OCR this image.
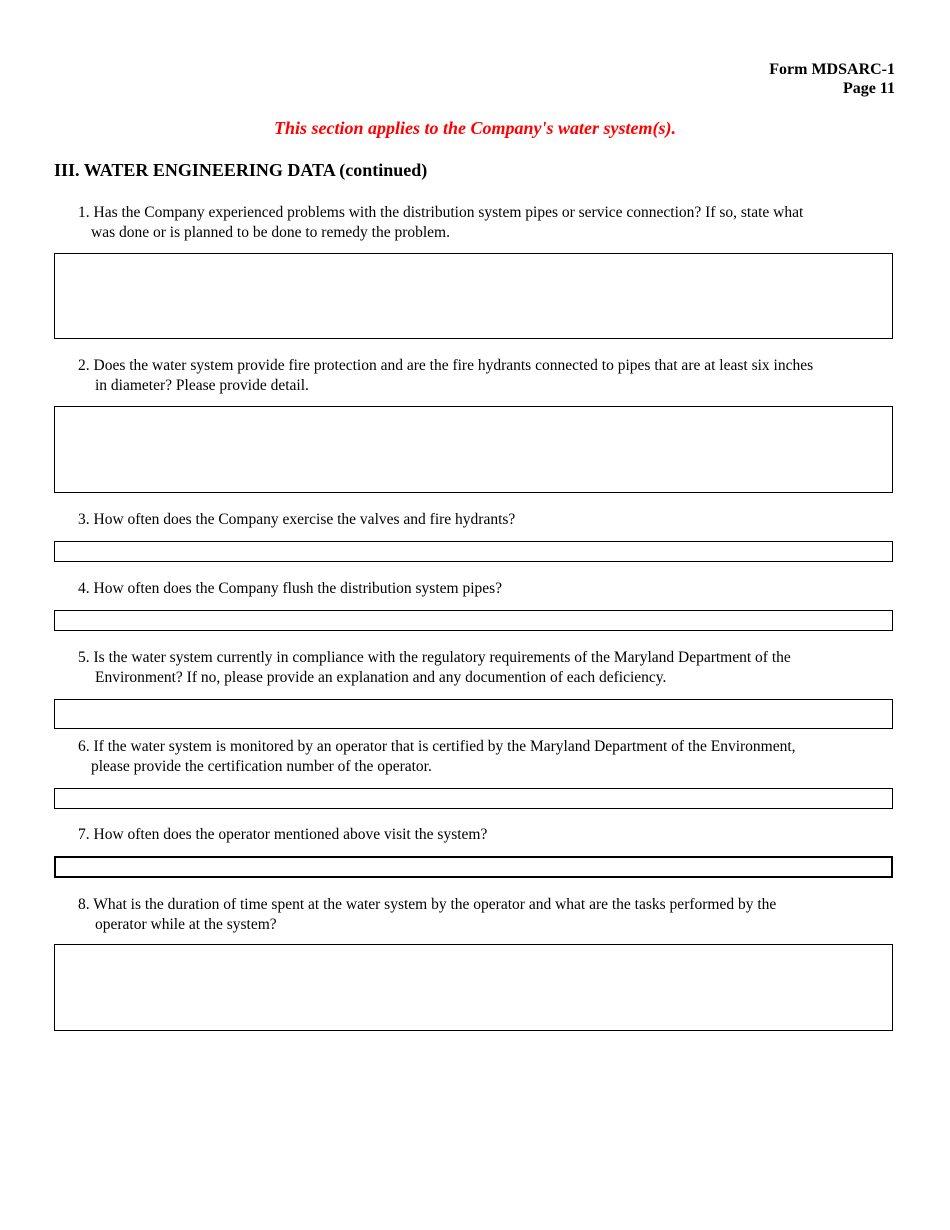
Form MDSARC-1
Page 11
This section applies to the Company's water system(s).
III. WATER ENGINEERING DATA (continued)
1. Has the Company experienced problems with the distribution system pipes or service connection? If so, state what
was done or is planned to be done to remedy the problem.
2. Does the water system provide fire protection and are the fire hydrants connected to pipes that are at least six inches
in diameter? Please provide detail.
3. How often does the Company exercise the valves and fire hydrants?
4. How often does the Company flush the distribution system pipes?
5. Is the water system currently in compliance with the regulatory requirements of the Maryland Department of the
Environment? If no, please provide an explanation and any documention of each deficiency.
6. If the water system is monitored by an operator that is certified by the Maryland Department of the Environment,
please provide the certification number of the operator.
7. How often does the operator mentioned above visit the system?
8. What is the duration of time spent at the water system by the operator and what are the tasks performed by the
operator while at the system?
